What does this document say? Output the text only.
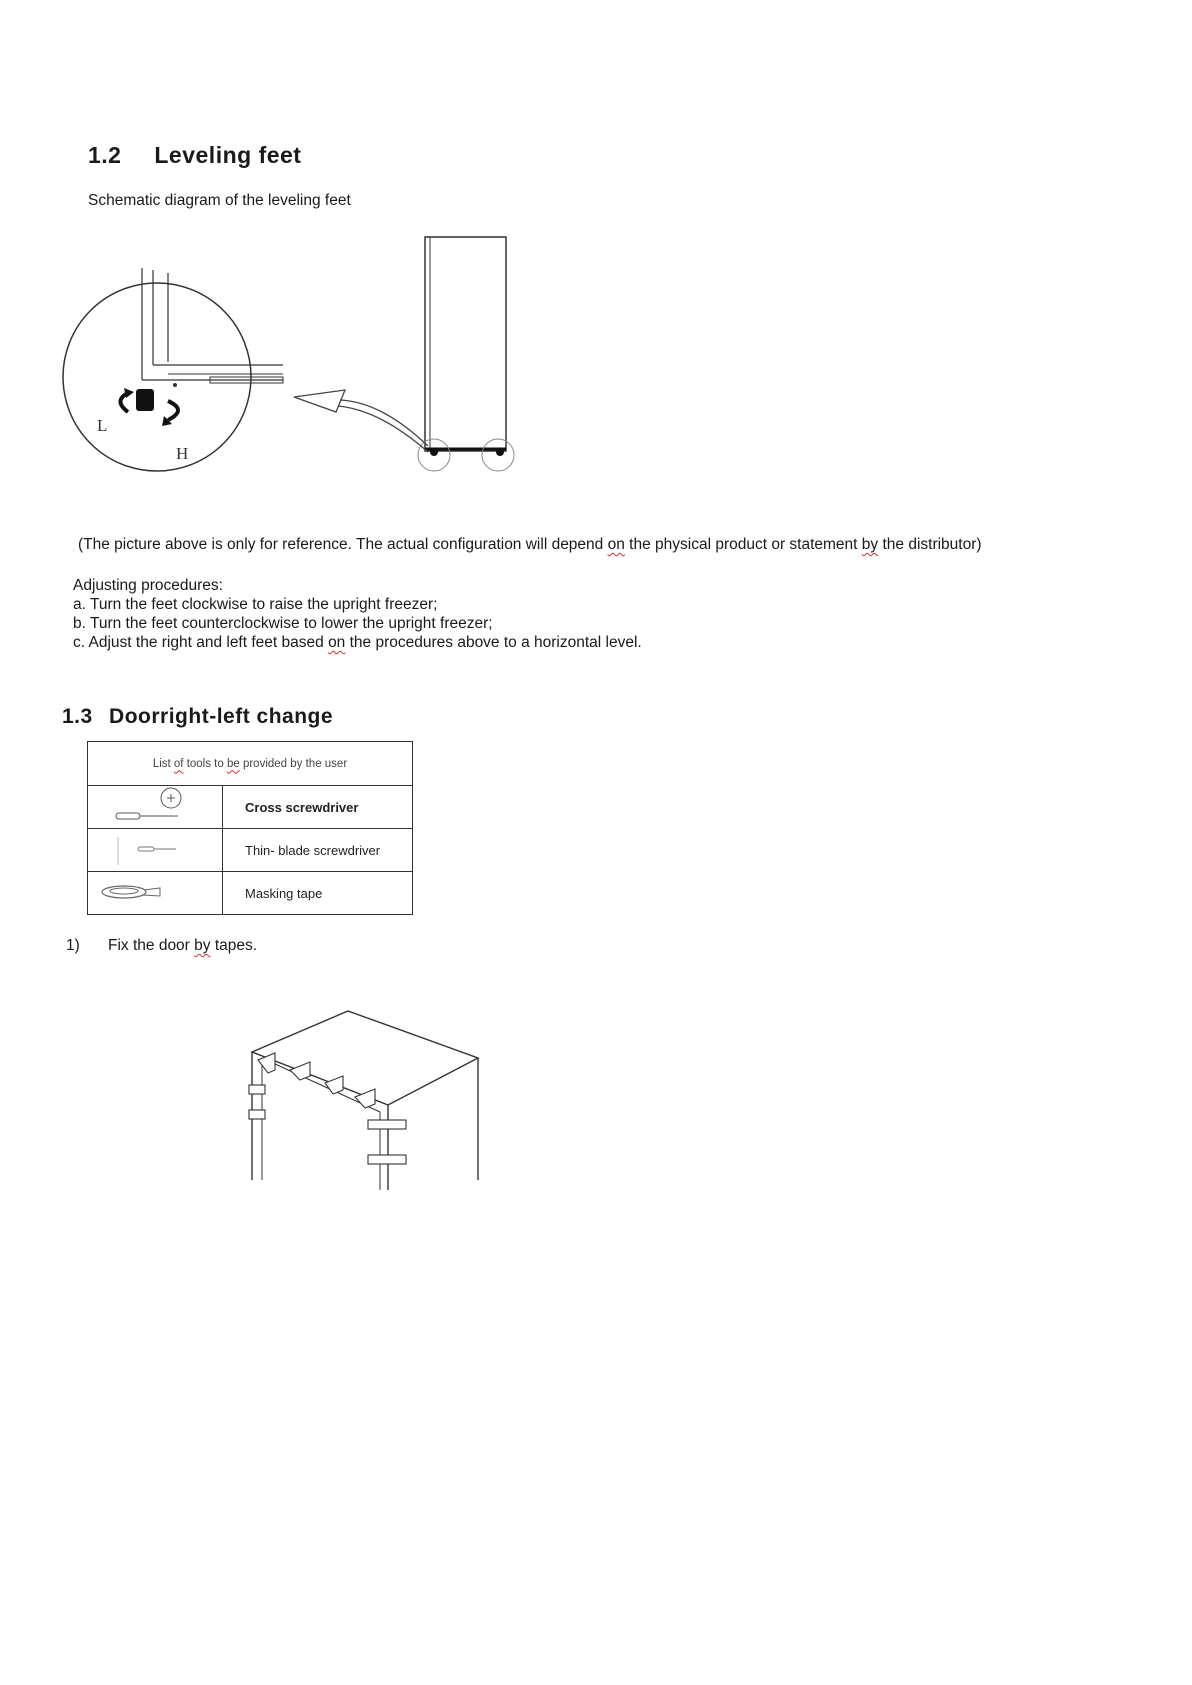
1.2 Leveling feet
Schematic diagram of the leveling feet
L
H
(The picture above is only for reference. The actual configuration will depend on the physical product or statement by the distributor)
Adjusting procedures:
a. Turn the feet clockwise to raise the upright freezer;
b. Turn the feet counterclockwise to lower the upright freezer;
c. Adjust the right and left feet based on the procedures above to a horizontal level.
1.3 Doorright-left change
List of tools to be provided by the user	

	Cross screwdriver

	Thin- blade screwdriver

	Masking tape
1) Fix the door by tapes.
